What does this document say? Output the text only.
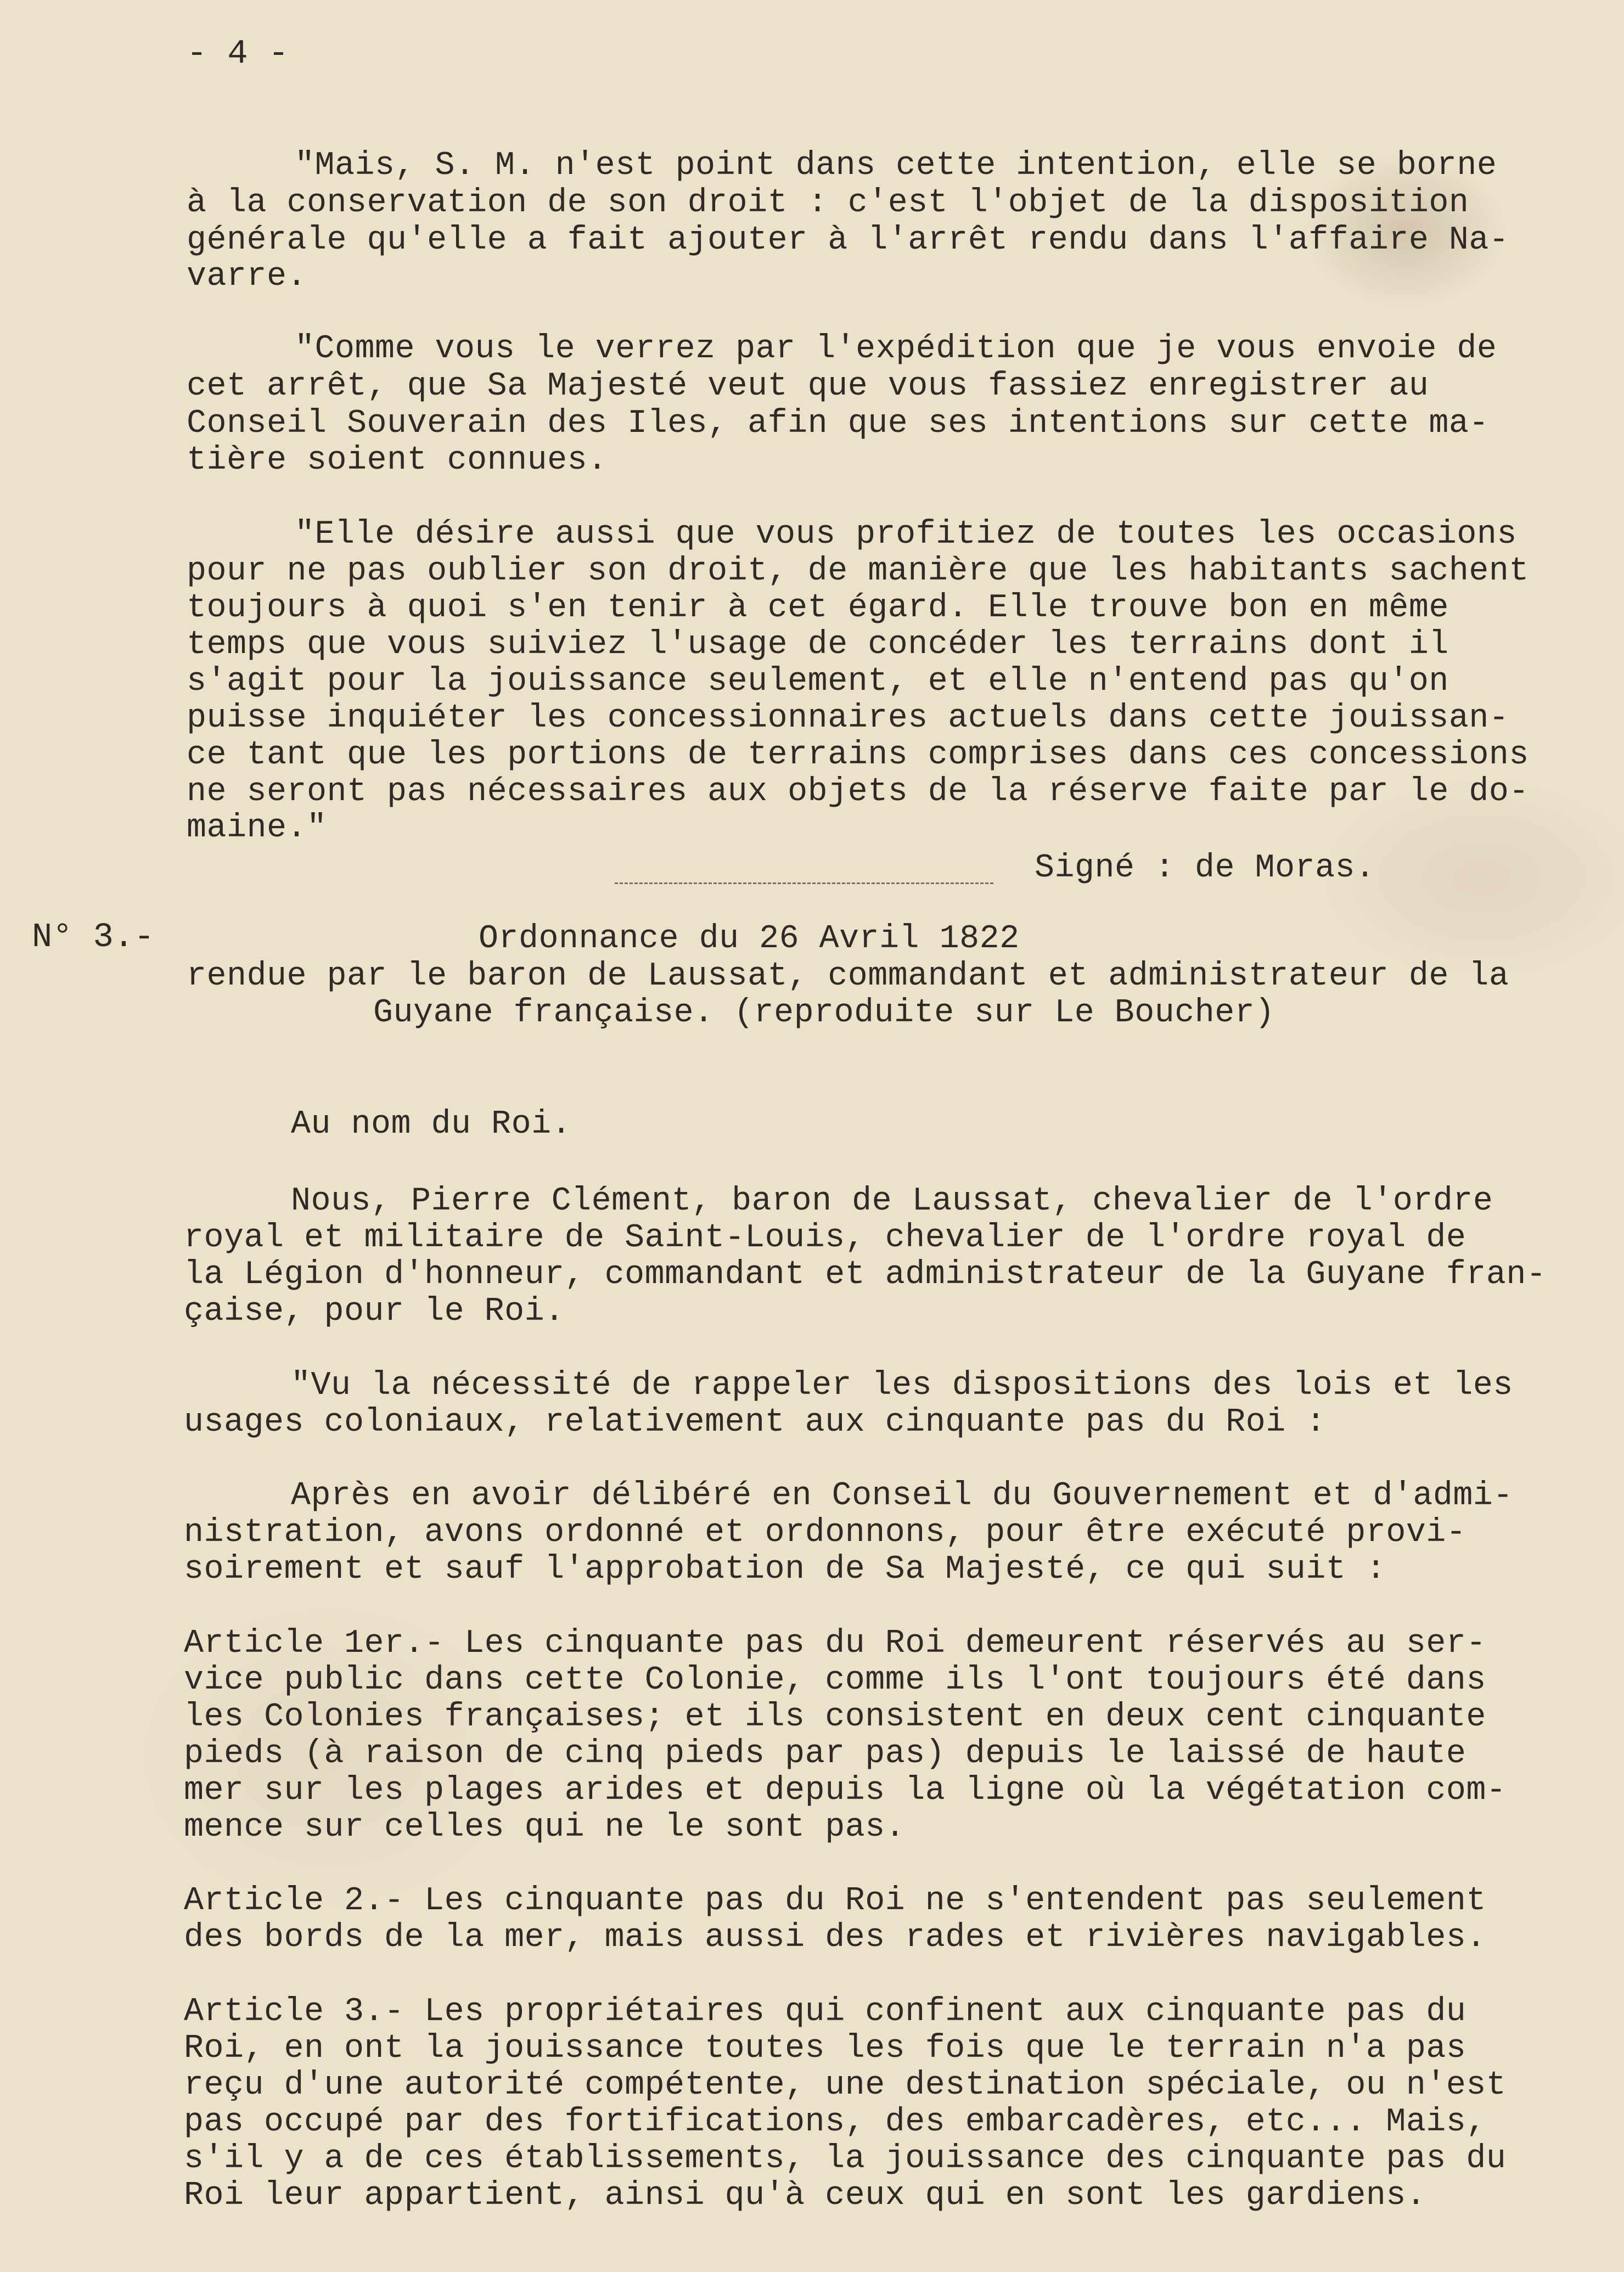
- 4 -
"Mais, S. M. n'est point dans cette intention, elle se borne
à la conservation de son droit : c'est l'objet de la disposition
générale qu'elle a fait ajouter à l'arrêt rendu dans l'affaire Na-
varre.
"Comme vous le verrez par l'expédition que je vous envoie de
cet arrêt, que Sa Majesté veut que vous fassiez enregistrer au
Conseil Souverain des Iles, afin que ses intentions sur cette ma-
tière soient connues.
"Elle désire aussi que vous profitiez de toutes les occasions
pour ne pas oublier son droit, de manière que les habitants sachent
toujours à quoi s'en tenir à cet égard. Elle trouve bon en même
temps que vous suiviez l'usage de concéder les terrains dont il
s'agit pour la jouissance seulement, et elle n'entend pas qu'on
puisse inquiéter les concessionnaires actuels dans cette jouissan-
ce tant que les portions de terrains comprises dans ces concessions
ne seront pas nécessaires aux objets de la réserve faite par le do-
maine."
Signé : de Moras.
N° 3.-	Ordonnance du 26 Avril 1822
rendue par le baron de Laussat, commandant et administrateur de la
Guyane française. (reproduite sur Le Boucher)
Au nom du Roi.
Nous, Pierre Clément, baron de Laussat, chevalier de l'ordre
royal et militaire de Saint-Louis, chevalier de l'ordre royal de
la Légion d'honneur, commandant et administrateur de la Guyane fran-
çaise, pour le Roi.
"Vu la nécessité de rappeler les dispositions des lois et les
usages coloniaux, relativement aux cinquante pas du Roi :
Après en avoir délibéré en Conseil du Gouvernement et d'admi-
nistration, avons ordonné et ordonnons, pour être exécuté provi-
soirement et sauf l'approbation de Sa Majesté, ce qui suit :
Article 1er.- Les cinquante pas du Roi demeurent réservés au ser-
vice public dans cette Colonie, comme ils l'ont toujours été dans
les Colonies françaises; et ils consistent en deux cent cinquante
pieds (à raison de cinq pieds par pas) depuis le laissé de haute
mer sur les plages arides et depuis la ligne où la végétation com-
mence sur celles qui ne le sont pas.
Article 2.- Les cinquante pas du Roi ne s'entendent pas seulement
des bords de la mer, mais aussi des rades et rivières navigables.
Article 3.- Les propriétaires qui confinent aux cinquante pas du
Roi, en ont la jouissance toutes les fois que le terrain n'a pas
reçu d'une autorité compétente, une destination spéciale, ou n'est
pas occupé par des fortifications, des embarcadères, etc... Mais,
s'il y a de ces établissements, la jouissance des cinquante pas du
Roi leur appartient, ainsi qu'à ceux qui en sont les gardiens.
